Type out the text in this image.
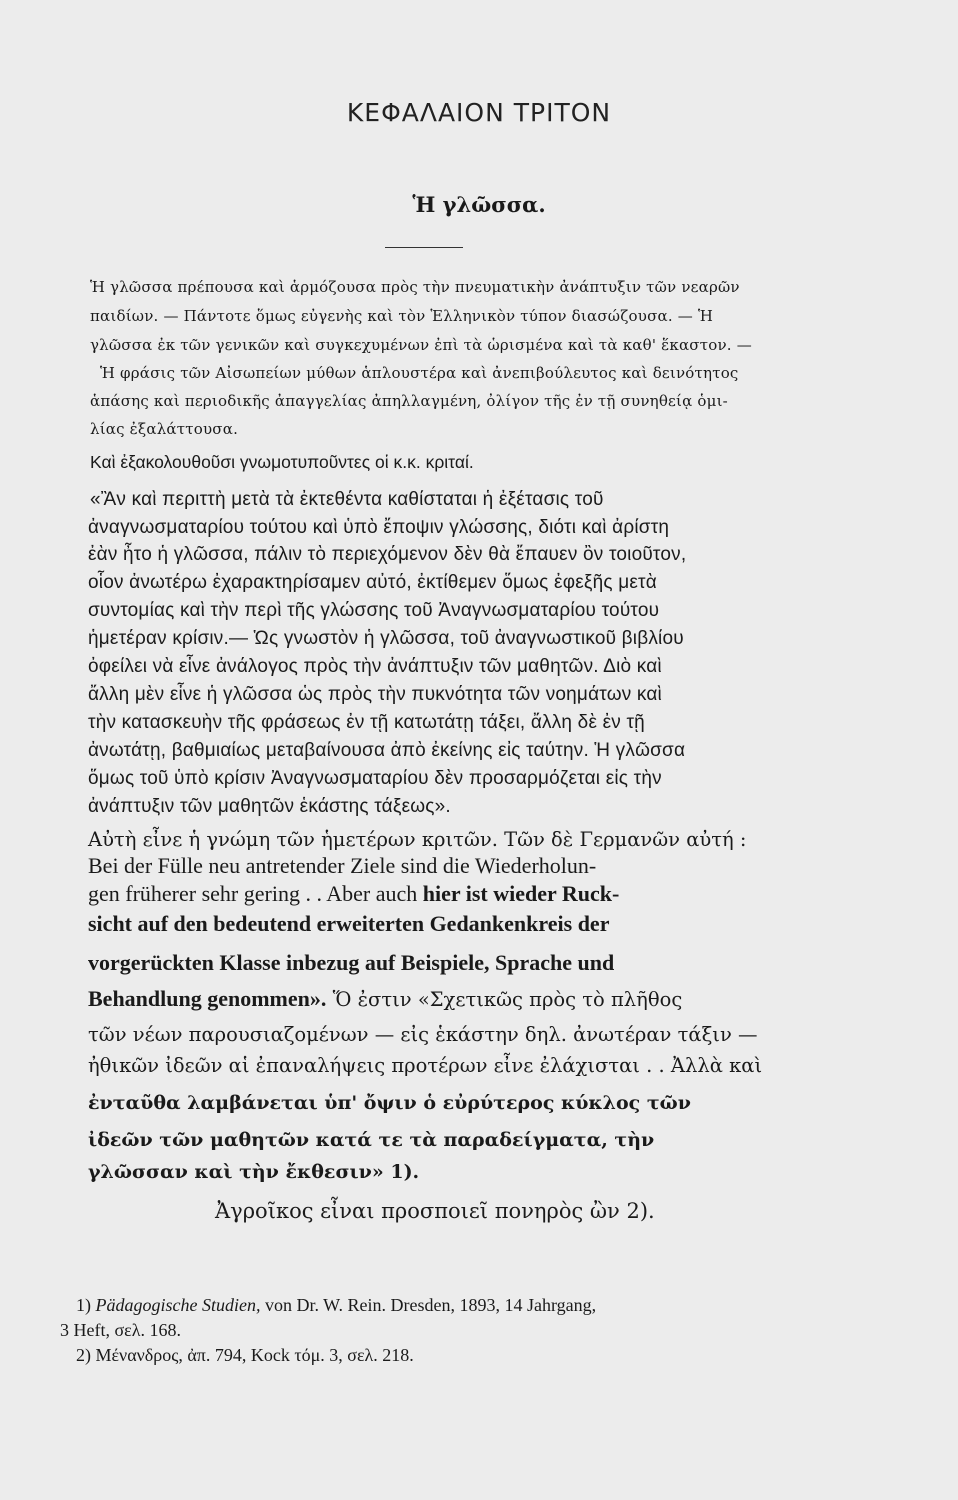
ΚΕΦΑΛΑΙΟΝ ΤΡΙΤΟΝ
Ἡ γλῶσσα.
Ἡ γλῶσσα πρέπουσα καὶ ἁρμόζουσα πρὸς τὴν πνευματικὴν ἀνάπτυξιν τῶν νεαρῶν
παιδίων. — Πάντοτε ὅμως εὐγενὴς καὶ τὸν Ἑλληνικὸν τύπον διασώζουσα. — Ἡ
γλῶσσα ἐκ τῶν γενικῶν καὶ συγκεχυμένων ἐπὶ τὰ ὡρισμένα καὶ τὰ καθ' ἕκαστον. —
Ἡ φράσις τῶν Αἰσωπείων μύθων ἁπλουστέρα καὶ ἀνεπιβούλευτος καὶ δεινότητος
ἁπάσης καὶ περιοδικῆς ἀπαγγελίας ἀπηλλαγμένη, ὀλίγον τῆς ἐν τῇ συνηθείᾳ ὁμι-
λίας ἐξαλάττουσα.
Καὶ ἐξακολουθοῦσι γνωμοτυποῦντες οἱ κ.κ. κριταί.
«Ἂν καὶ περιττὴ μετὰ τὰ ἐκτεθέντα καθίσταται ἡ ἐξέτασις τοῦ
ἀναγνωσματαρίου τούτου καὶ ὑπὸ ἔποψιν γλώσσης, διότι καὶ ἀρίστη
ἐὰν ἦτο ἡ γλῶσσα, πάλιν τὸ περιεχόμενον δὲν θὰ ἔπαυεν ὂν τοιοῦτον,
οἷον ἀνωτέρω ἐχαρακτηρίσαμεν αὐτό, ἐκτίθεμεν ὅμως ἐφεξῆς μετὰ
συντομίας καὶ τὴν περὶ τῆς γλώσσης τοῦ Ἀναγνωσματαρίου τούτου
ἡμετέραν κρίσιν.— Ὡς γνωστὸν ἡ γλῶσσα, τοῦ ἀναγνωστικοῦ βιβλίου
ὀφείλει νὰ εἶνε ἀνάλογος πρὸς τὴν ἀνάπτυξιν τῶν μαθητῶν. Διὸ καὶ
ἄλλη μὲν εἶνε ἡ γλῶσσα ὡς πρὸς τὴν πυκνότητα τῶν νοημάτων καὶ
τὴν κατασκευὴν τῆς φράσεως ἐν τῇ κατωτάτῃ τάξει, ἄλλη δὲ ἐν τῇ
ἀνωτάτῃ, βαθμιαίως μεταβαίνουσα ἀπὸ ἐκείνης εἰς ταύτην. Ἡ γλῶσσα
ὅμως τοῦ ὑπὸ κρίσιν Ἀναγνωσματαρίου δὲν προσαρμόζεται εἰς τὴν
ἀνάπτυξιν τῶν μαθητῶν ἑκάστης τάξεως».
Αὐτὴ εἶνε ἡ γνώμη τῶν ἡμετέρων κριτῶν. Τῶν δὲ Γερμανῶν αὐτή :
Bei der Fülle neu antretender Ziele sind die Wiederholun-
gen früherer sehr gering . . Aber auch hier ist wieder Ruck-
sicht auf den bedeutend erweiterten Gedankenkreis der
vorgerückten Klasse inbezug auf Beispiele, Sprache und
Behandlung genommen». Ὅ ἐστιν «Σχετικῶς πρὸς τὸ πλῆθος
τῶν νέων παρουσιαζομένων — εἰς ἑκάστην δηλ. ἀνωτέραν τάξιν —
ἠθικῶν ἰδεῶν αἱ ἐπαναλήψεις προτέρων εἶνε ἐλάχισται . . Ἀλλὰ καὶ
ἐνταῦθα λαμβάνεται ὑπ' ὄψιν ὁ εὐρύτερος κύκλος τῶν
ἰδεῶν τῶν μαθητῶν κατά τε τὰ παραδείγματα, τὴν
γλῶσσαν καὶ τὴν ἔκθεσιν» 1).
Ἀγροῖκος εἶναι προσποιεῖ πονηρὸς ὢν 2).
1) Pädagogische Studien, von Dr. W. Rein. Dresden, 1893, 14 Jahrgang,
3 Heft, σελ. 168.
2) Μένανδρος, ἀπ. 794, Kock τόμ. 3, σελ. 218.
